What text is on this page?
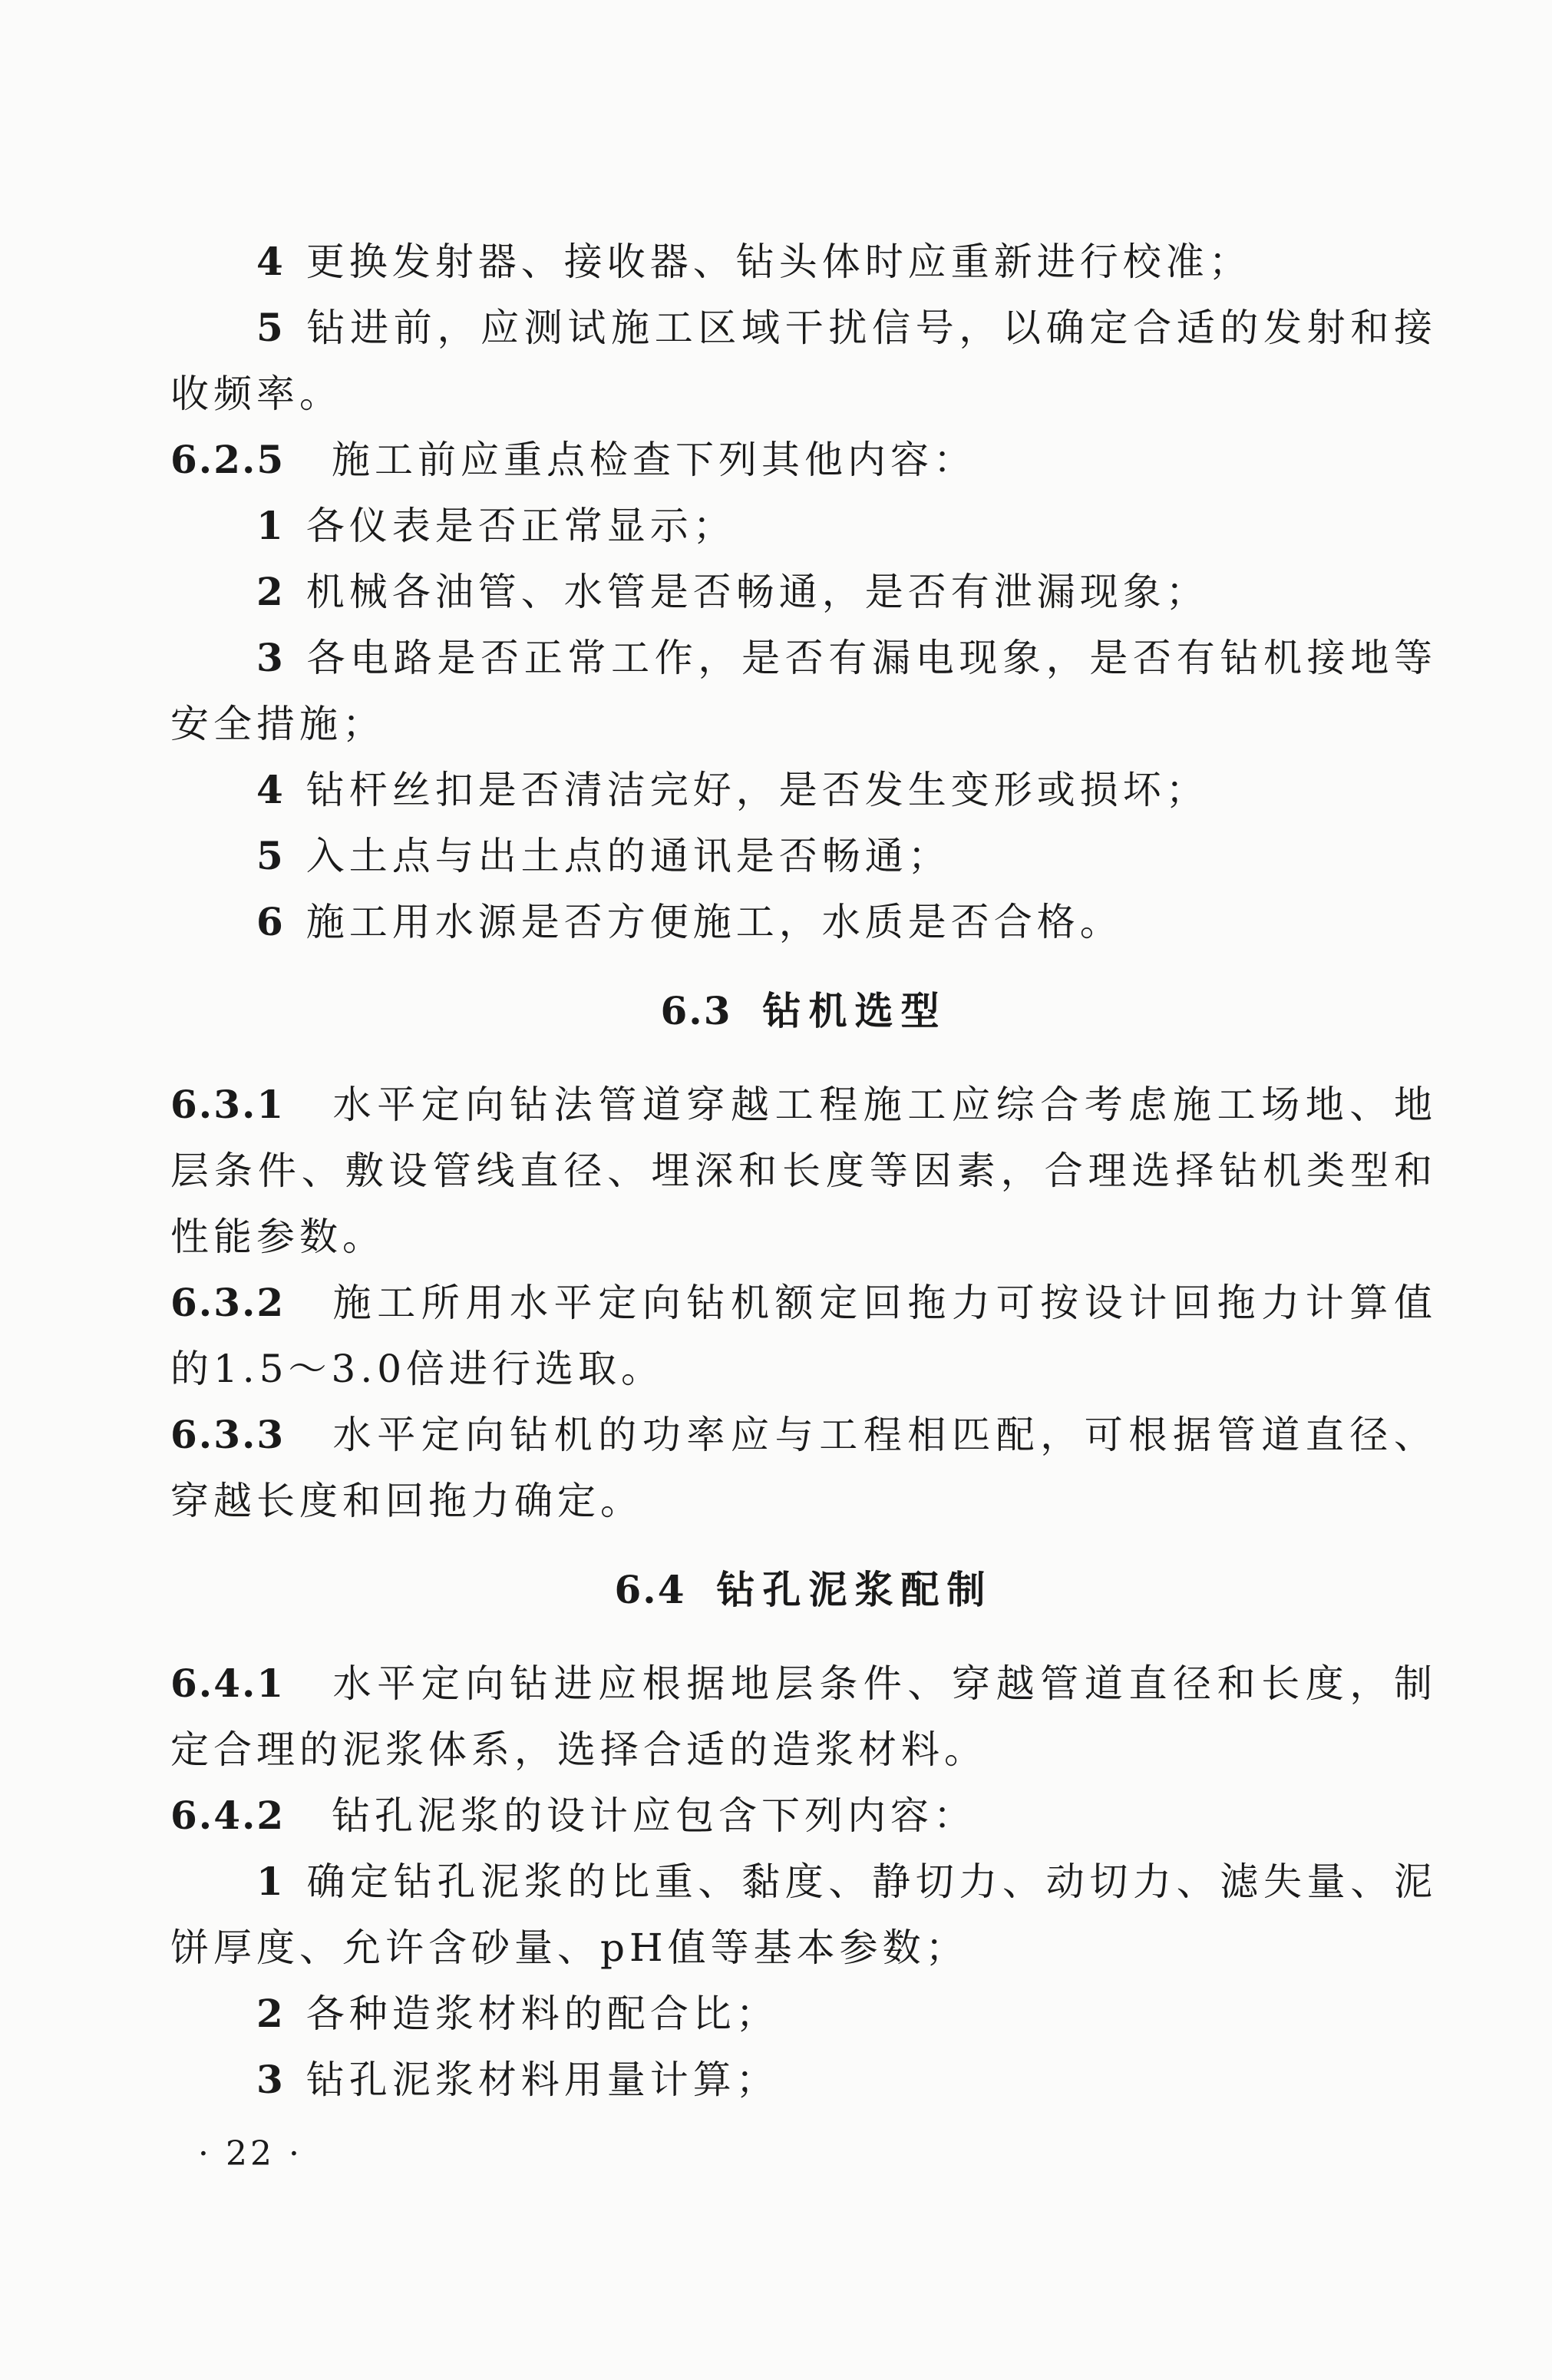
4 更换发射器、接收器、钻头体时应重新进行校准；

5 钻进前，应测试施工区域干扰信号，以确定合适的发射和接收频率。

6.2.5 施工前应重点检查下列其他内容：

1 各仪表是否正常显示；

2 机械各油管、水管是否畅通，是否有泄漏现象；

3 各电路是否正常工作，是否有漏电现象，是否有钻机接地等安全措施；

4 钻杆丝扣是否清洁完好，是否发生变形或损坏；

5 入土点与出土点的通讯是否畅通；

6 施工用水源是否方便施工，水质是否合格。

6.3 钻机选型

6.3.1 水平定向钻法管道穿越工程施工应综合考虑施工场地、地层条件、敷设管线直径、埋深和长度等因素，合理选择钻机类型和性能参数。

6.3.2 施工所用水平定向钻机额定回拖力可按设计回拖力计算值的1.5～3.0倍进行选取。

6.3.3 水平定向钻机的功率应与工程相匹配，可根据管道直径、穿越长度和回拖力确定。

6.4 钻孔泥浆配制

6.4.1 水平定向钻进应根据地层条件、穿越管道直径和长度，制定合理的泥浆体系，选择合适的造浆材料。

6.4.2 钻孔泥浆的设计应包含下列内容：

1 确定钻孔泥浆的比重、黏度、静切力、动切力、滤失量、泥饼厚度、允许含砂量、pH值等基本参数；

2 各种造浆材料的配合比；

3 钻孔泥浆材料用量计算；

· 22 ·
